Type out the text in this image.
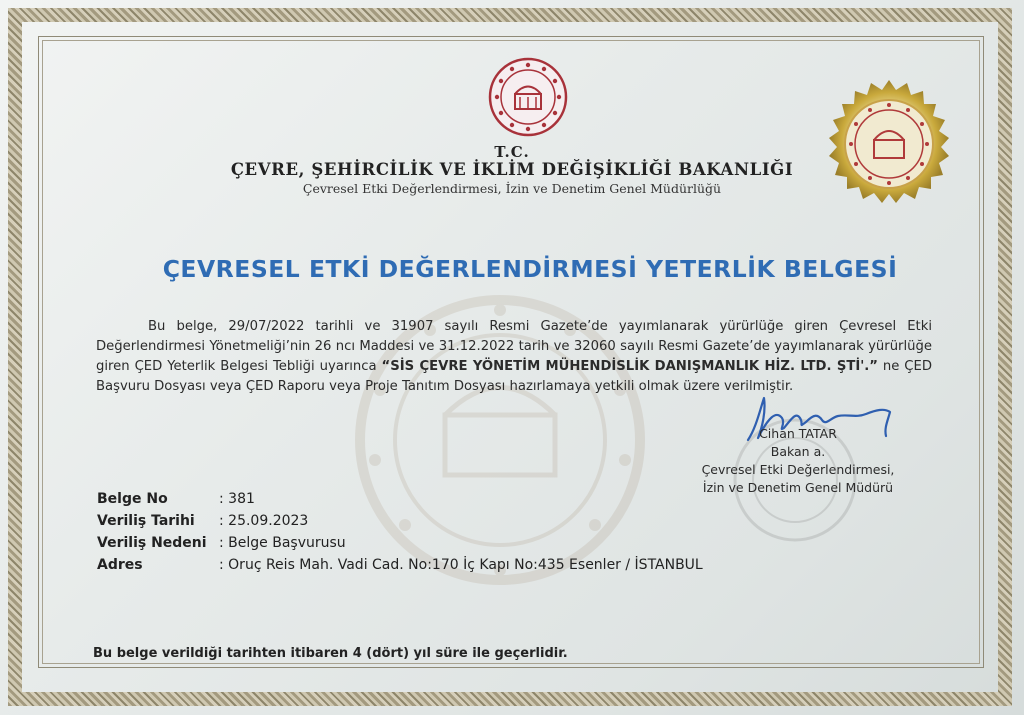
T.C.
ÇEVRE, ŞEHİRCİLİK VE İKLİM DEĞİŞİKLİĞİ BAKANLIĞI
Çevresel Etki Değerlendirmesi, İzin ve Denetim Genel Müdürlüğü
ÇEVRESEL ETKİ DEĞERLENDİRMESİ YETERLİK BELGESİ

Bu belge, 29/07/2022 tarihli ve 31907 sayılı Resmi Gazete’de yayımlanarak yürürlüğe giren Çevresel Etki Değerlendirmesi Yönetmeliği’nin 26 ncı Maddesi ve 31.12.2022 tarih ve 32060 sayılı Resmi Gazete’de yayımlanarak yürürlüğe giren ÇED Yeterlik Belgesi Tebliği uyarınca “SİS ÇEVRE YÖNETİM MÜHENDİSLİK DANIŞMANLIK HİZ. LTD. ŞTİ'.” ne ÇED Başvuru Dosyası veya ÇED Raporu veya Proje Tanıtım Dosyası hazırlamaya yetkili olmak üzere verilmiştir.

Cihan TATAR
Bakan a.
Çevresel Etki Değerlendirmesi,
İzin ve Denetim Genel Müdürü
Belge No	: 381
Veriliş Tarihi	: 25.09.2023
Veriliş Nedeni : Belge Başvurusu
Adres	: Oruç Reis Mah. Vadi Cad. No:170 İç Kapı No:435 Esenler / İSTANBUL
Bu belge verildiği tarihten itibaren 4 (dört) yıl süre ile geçerlidir.
